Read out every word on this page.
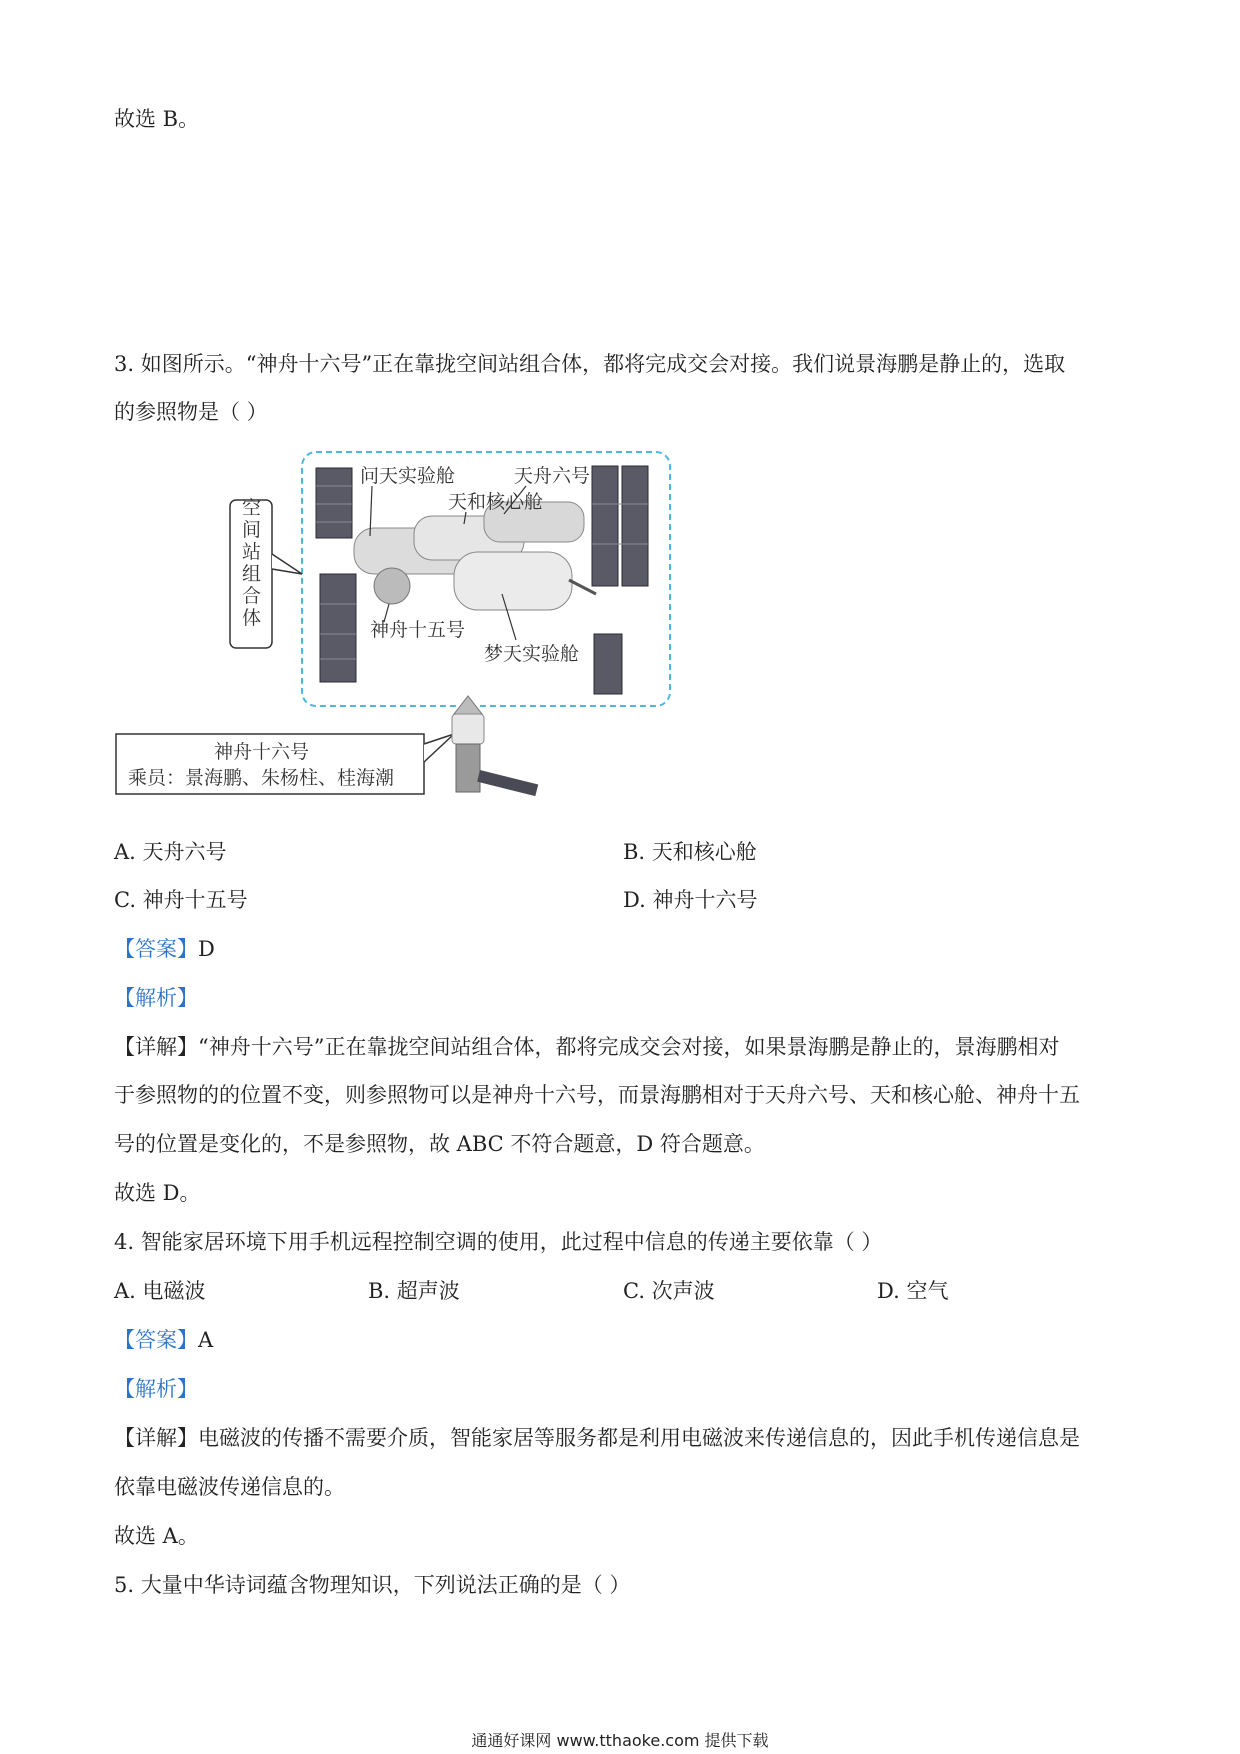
故选 B。
3. 如图所示。“神舟十六号”正在靠拢空间站组合体，都将完成交会对接。我们说景海鹏是静止的，选取
的参照物是（ ）
空间站组合体
问天实验舱	天舟六号
天和核心舱
神舟十五号
梦天实验舱
神舟十六号
乘员：景海鹏、朱杨柱、桂海潮
A. 天舟六号	B. 天和核心舱
C. 神舟十五号	D. 神舟十六号
【答案】D
【解析】
【详解】“神舟十六号”正在靠拢空间站组合体，都将完成交会对接，如果景海鹏是静止的，景海鹏相对
于参照物的的位置不变，则参照物可以是神舟十六号，而景海鹏相对于天舟六号、天和核心舱、神舟十五
号的位置是变化的，不是参照物，故 ABC 不符合题意，D 符合题意。
故选 D。
4. 智能家居环境下用手机远程控制空调的使用，此过程中信息的传递主要依靠（ ）
A. 电磁波	B. 超声波	C. 次声波	D. 空气
【答案】A
【解析】
【详解】电磁波的传播不需要介质，智能家居等服务都是利用电磁波来传递信息的，因此手机传递信息是
依靠电磁波传递信息的。
故选 A。
5. 大量中华诗词蕴含物理知识，下列说法正确的是（ ）
通通好课网 www.tthaoke.com 提供下载
